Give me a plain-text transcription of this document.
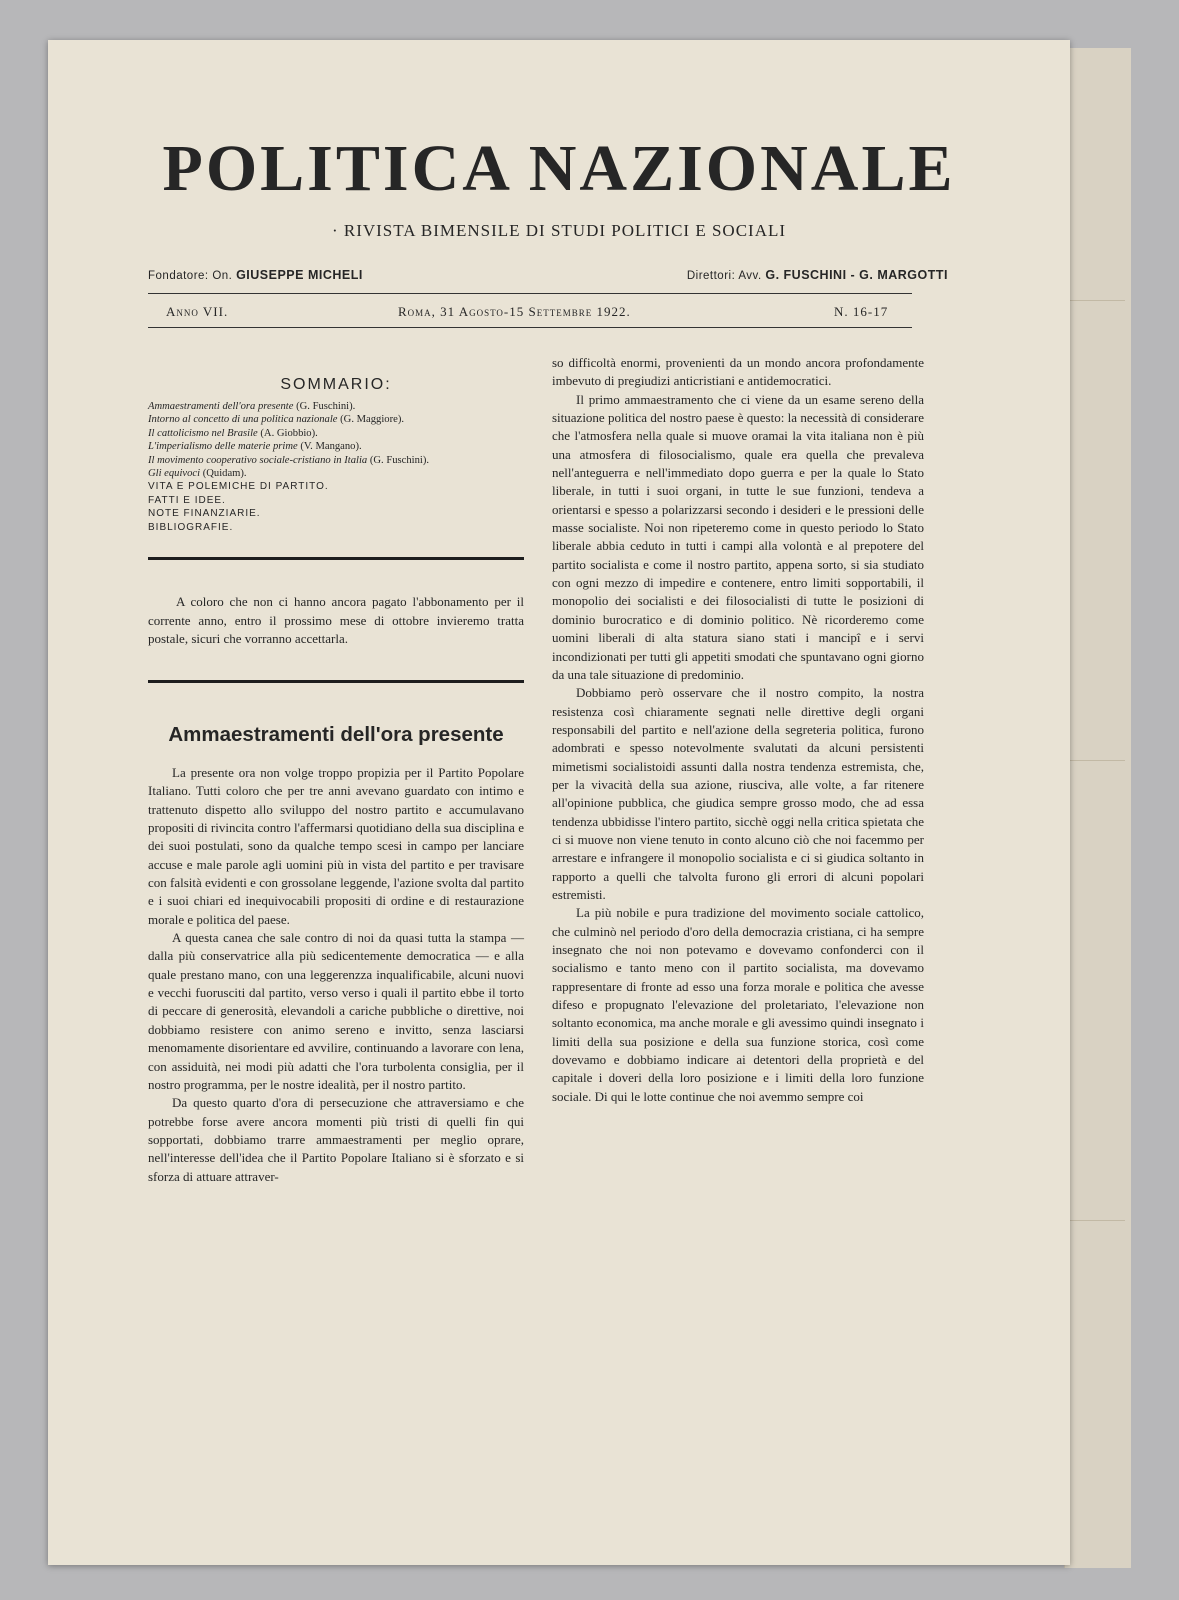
POLITICA NAZIONALE
· RIVISTA BIMENSILE DI STUDI POLITICI E SOCIALI
Fondatore: On. GIUSEPPE MICHELI	Direttori: Avv. G. FUSCHINI - G. MARGOTTI
Anno VII.	Roma, 31 Agosto-15 Settembre 1922.	N. 16-17
SOMMARIO:

Ammaestramenti dell'ora presente (G. Fuschini).

Intorno al concetto di una politica nazionale (G. Maggiore).

Il cattolicismo nel Brasile (A. Giobbio).

L'imperialismo delle materie prime (V. Mangano).

Il movimento cooperativo sociale-cristiano in Italia (G. Fuschini).

Gli equivoci (Quidam).

VITA E POLEMICHE DI PARTITO.

FATTI E IDEE.

NOTE FINANZIARIE.

BIBLIOGRAFIE.

A coloro che non ci hanno ancora pagato l'abbonamento per il corrente anno, entro il prossimo mese di ottobre invieremo tratta postale, sicuri che vorranno accettarla.

Ammaestramenti dell'ora presente

La presente ora non volge troppo propizia per il Partito Popolare Italiano. Tutti coloro che per tre anni avevano guardato con intimo e trattenuto dispetto allo sviluppo del nostro partito e accumulavano propositi di rivincita contro l'affermarsi quotidiano della sua disciplina e dei suoi postulati, sono da qualche tempo scesi in campo per lanciare accuse e male parole agli uomini più in vista del partito e per travisare con falsità evidenti e con grossolane leggende, l'azione svolta dal partito e i suoi chiari ed inequivocabili propositi di ordine e di restaurazione morale e politica del paese.

A questa canea che sale contro di noi da quasi tutta la stampa — dalla più conservatrice alla più sedicentemente democratica — e alla quale prestano mano, con una leggerenzza inqualificabile, alcuni nuovi e vecchi fuorusciti dal partito, verso verso i quali il partito ebbe il torto di peccare di generosità, elevandoli a cariche pubbliche o direttive, noi dobbiamo resistere con animo sereno e invitto, senza lasciarsi menomamente disorientare ed avvilire, continuando a lavorare con lena, con assiduità, nei modi più adatti che l'ora turbolenta consiglia, per il nostro programma, per le nostre idealità, per il nostro partito.

Da questo quarto d'ora di persecuzione che attraversiamo e che potrebbe forse avere ancora momenti più tristi di quelli fin qui sopportati, dobbiamo trarre ammaestramenti per meglio oprare, nell'interesse dell'idea che il Partito Popolare Italiano si è sforzato e si sforza di attuare attraver-

so difficoltà enormi, provenienti da un mondo ancora profondamente imbevuto di pregiudizi anticristiani e antidemocratici.

Il primo ammaestramento che ci viene da un esame sereno della situazione politica del nostro paese è questo: la necessità di considerare che l'atmosfera nella quale si muove oramai la vita italiana non è più una atmosfera di filosocialismo, quale era quella che prevaleva nell'anteguerra e nell'immediato dopo guerra e per la quale lo Stato liberale, in tutti i suoi organi, in tutte le sue funzioni, tendeva a orientarsi e spesso a polarizzarsi secondo i desideri e le pressioni delle masse socialiste. Noi non ripeteremo come in questo periodo lo Stato liberale abbia ceduto in tutti i campi alla volontà e al prepotere del partito socialista e come il nostro partito, appena sorto, si sia studiato con ogni mezzo di impedire e contenere, entro limiti sopportabili, il monopolio dei socialisti e dei filosocialisti di tutte le posizioni di dominio burocratico e di dominio politico. Nè ricorderemo come uomini liberali di alta statura siano stati i mancipî e i servi incondizionati per tutti gli appetiti smodati che spuntavano ogni giorno da una tale situazione di predominio.

Dobbiamo però osservare che il nostro compito, la nostra resistenza così chiaramente segnati nelle direttive degli organi responsabili del partito e nell'azione della segreteria politica, furono adombrati e spesso notevolmente svalutati da alcuni persistenti mimetismi socialistoidi assunti dalla nostra tendenza estremista, che, per la vivacità della sua azione, riusciva, alle volte, a far ritenere all'opinione pubblica, che giudica sempre grosso modo, che ad essa tendenza ubbidisse l'intero partito, sicchè oggi nella critica spietata che ci si muove non viene tenuto in conto alcuno ciò che noi facemmo per arrestare e infrangere il monopolio socialista e ci si giudica soltanto in rapporto a quelli che talvolta furono gli errori di alcuni popolari estremisti.

La più nobile e pura tradizione del movimento sociale cattolico, che culminò nel periodo d'oro della democrazia cristiana, ci ha sempre insegnato che noi non potevamo e dovevamo confonderci con il socialismo e tanto meno con il partito socialista, ma dovevamo rappresentare di fronte ad esso una forza morale e politica che avesse difeso e propugnato l'elevazione del proletariato, l'elevazione non soltanto economica, ma anche morale e gli avessimo quindi insegnato i limiti della sua posizione e della sua funzione storica, così come dovevamo e dobbiamo indicare ai detentori della proprietà e del capitale i doveri della loro posizione e i limiti della loro funzione sociale. Di qui le lotte continue che noi avemmo sempre coi
